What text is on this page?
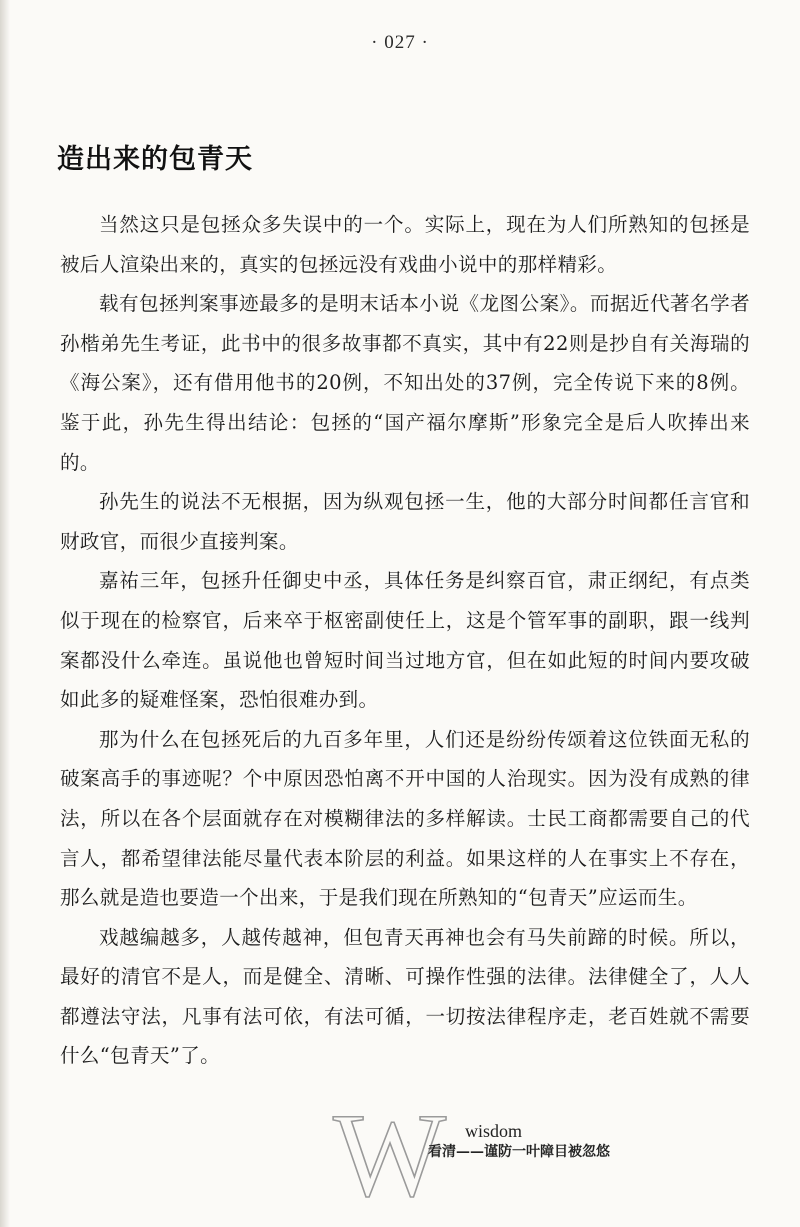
· 027 ·
造出来的包青天

当然这只是包拯众多失误中的一个。实际上，现在为人们所熟知的包拯是被后人渲染出来的，真实的包拯远没有戏曲小说中的那样精彩。

载有包拯判案事迹最多的是明末话本小说《龙图公案》。而据近代著名学者孙楷弟先生考证，此书中的很多故事都不真实，其中有22则是抄自有关海瑞的《海公案》，还有借用他书的20例，不知出处的37例，完全传说下来的8例。鉴于此，孙先生得出结论：包拯的“国产福尔摩斯”形象完全是后人吹捧出来的。

孙先生的说法不无根据，因为纵观包拯一生，他的大部分时间都任言官和财政官，而很少直接判案。

嘉祐三年，包拯升任御史中丞，具体任务是纠察百官，肃正纲纪，有点类似于现在的检察官，后来卒于枢密副使任上，这是个管军事的副职，跟一线判案都没什么牵连。虽说他也曾短时间当过地方官，但在如此短的时间内要攻破如此多的疑难怪案，恐怕很难办到。

那为什么在包拯死后的九百多年里，人们还是纷纷传颂着这位铁面无私的破案高手的事迹呢？个中原因恐怕离不开中国的人治现实。因为没有成熟的律法，所以在各个层面就存在对模糊律法的多样解读。士民工商都需要自己的代言人，都希望律法能尽量代表本阶层的利益。如果这样的人在事实上不存在，那么就是造也要造一个出来，于是我们现在所熟知的“包青天”应运而生。

戏越编越多，人越传越神，但包青天再神也会有马失前蹄的时候。所以，最好的清官不是人，而是健全、清晰、可操作性强的法律。法律健全了，人人都遵法守法，凡事有法可依，有法可循，一切按法律程序走，老百姓就不需要什么“包青天”了。

W wisdom
看清——谨防一叶障目被忽悠
